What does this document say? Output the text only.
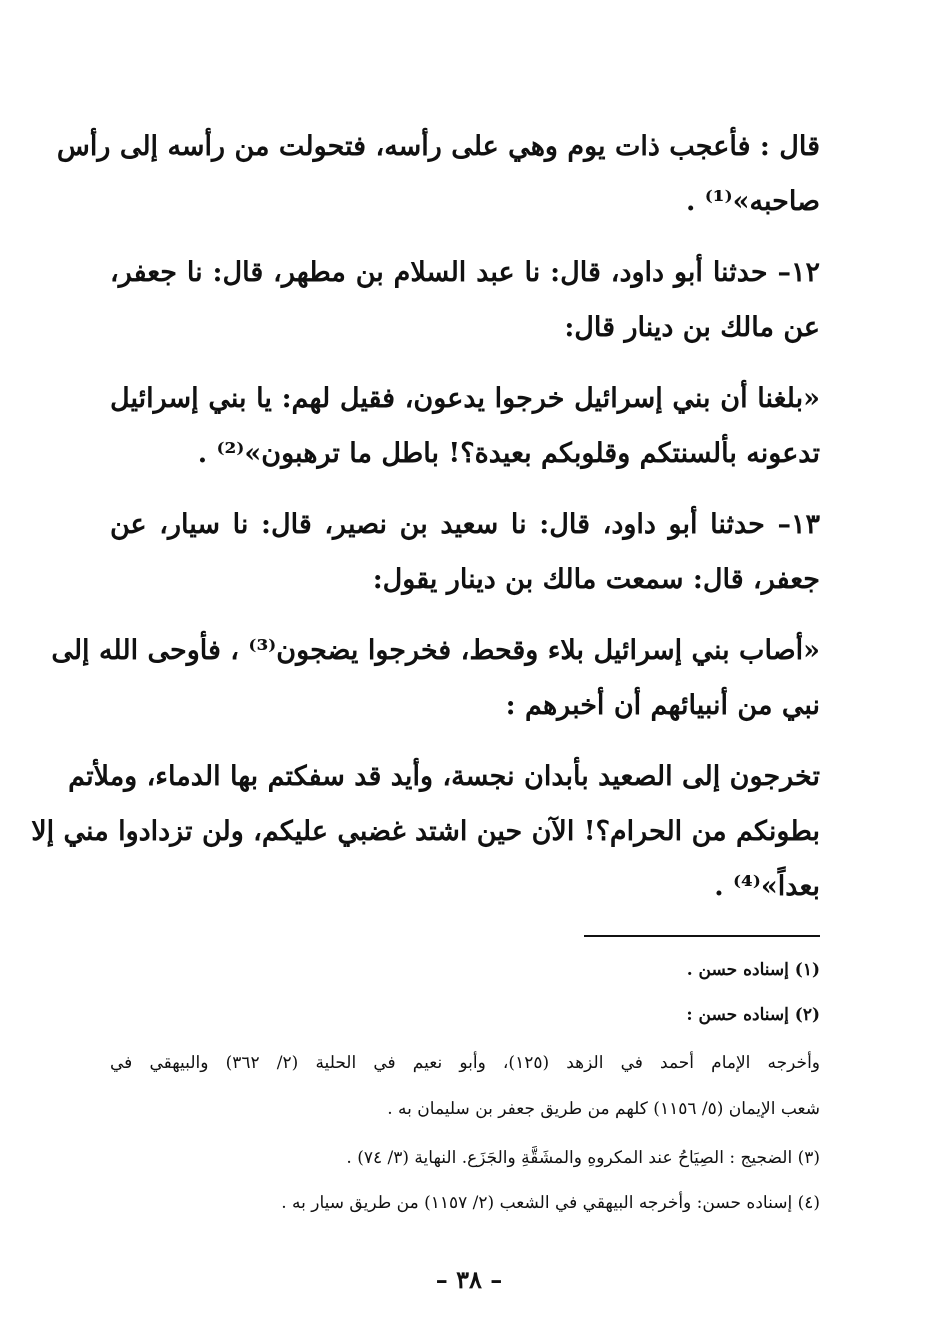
قال : فأعجب ذات يوم وهي على رأسه، فتحولت من رأسه إلى رأس
صاحبه»⁽¹⁾ .
١٢– حدثنا أبو داود، قال: نا عبد السلام بن مطهر، قال: نا جعفر،
عن مالك بن دينار قال:
«بلغنا أن بني إسرائيل خرجوا يدعون، فقيل لهم: يا بني إسرائيل
تدعونه بألسنتكم وقلوبكم بعيدة؟! باطل ما ترهبون»⁽²⁾ .
١٣– حدثنا أبو داود، قال: نا سعيد بن نصير، قال: نا سيار، عن
جعفر، قال: سمعت مالك بن دينار يقول:
«أصاب بني إسرائيل بلاء وقحط، فخرجوا يضجون⁽³⁾ ، فأوحى الله إلى
نبي من أنبيائهم أن أخبرهم :
تخرجون إلى الصعيد بأبدان نجسة، وأيد قد سفكتم بها الدماء، وملأتم
بطونكم من الحرام؟! الآن حين اشتد غضبي عليكم، ولن تزدادوا مني إلا
بعداً»⁽⁴⁾ .
(١) إسناده حسن .
(٢) إسناده حسن :
وأخرجه الإمام أحمد في الزهد (١٢٥)، وأبو نعيم في الحلية (٢/ ٣٦٢) والبيهقي في
شعب الإيمان (٥/ ١١٥٦) كلهم من طريق جعفر بن سليمان به .
(٣) الضجيج : الصِيَاحُ عند المكروهِ والمشَقَّةِ والجَزَع. النهاية (٣/ ٧٤) .
(٤) إسناده حسن: وأخرجه البيهقي في الشعب (٢/ ١١٥٧) من طريق سيار به .
– ٣٨ –
